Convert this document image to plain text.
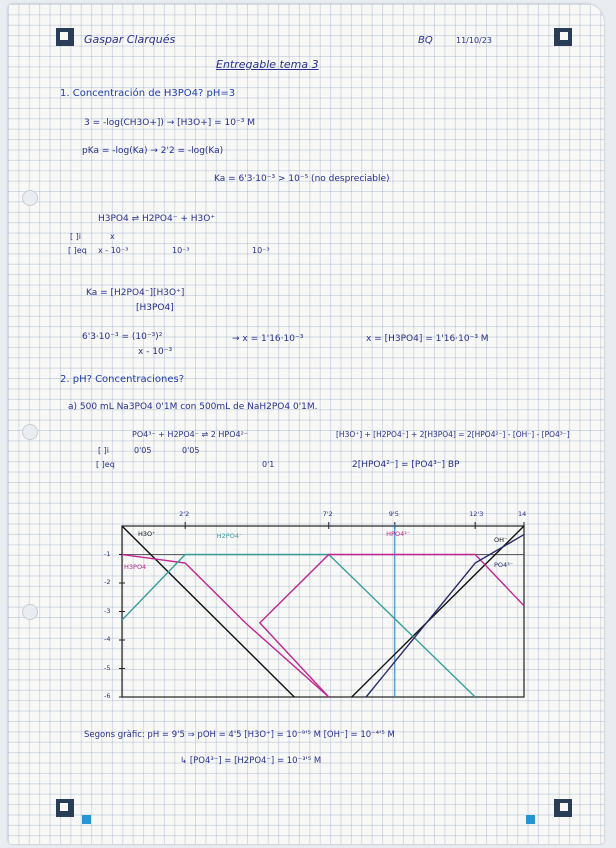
Gaspar Clarqués	BQ	11/10/23
Entregable tema 3
1. Concentración de H3PO4? pH=3
3 = -log(CH3O+]) → [H3O+] = 10⁻³ M
pKa = -log(Ka) → 2'2 = -log(Ka)
Ka = 6'3·10⁻³ > 10⁻⁵ (no despreciable)
H3PO4 ⇌ H2PO4⁻ + H3O⁺
[ ]i	x
[ ]eq x - 10⁻³	10⁻³	10⁻³
Ka = [H2PO4⁻][H3O⁺]
[H3PO4]
6'3·10⁻³ = (10⁻³)²
x - 10⁻³
→ x = 1'16·10⁻³	x = [H3PO4] = 1'16·10⁻³ M
2. pH? Concentraciones?
a) 500 mL Na3PO4 0'1M con 500mL de NaH2PO4 0'1M.
PO4³⁻ + H2PO4⁻ ⇌ 2 HPO4²⁻	[H3O⁺] + [H2PO4⁻] + 2[H3PO4] = 2[HPO4²⁻] - [OH⁻] - [PO4³⁻]
[ ]i	0'05	0'05
[ ]eq	0'1	2[HPO4²⁻] = [PO4³⁻] BP
2'2	7'2	9'5	12'3	14
-1
-2
-3
-4
-5
-6
H3O⁺
OH⁻
H3PO4
H2PO4⁻	HPO4²⁻
PO4³⁻
Segons gràfic: pH = 9'5 ⇒ pOH = 4'5 [H3O⁺] = 10⁻⁹'⁵ M [OH⁻] = 10⁻⁴'⁵ M
↳ [PO4³⁻] = [H2PO4⁻] = 10⁻³'⁵ M
